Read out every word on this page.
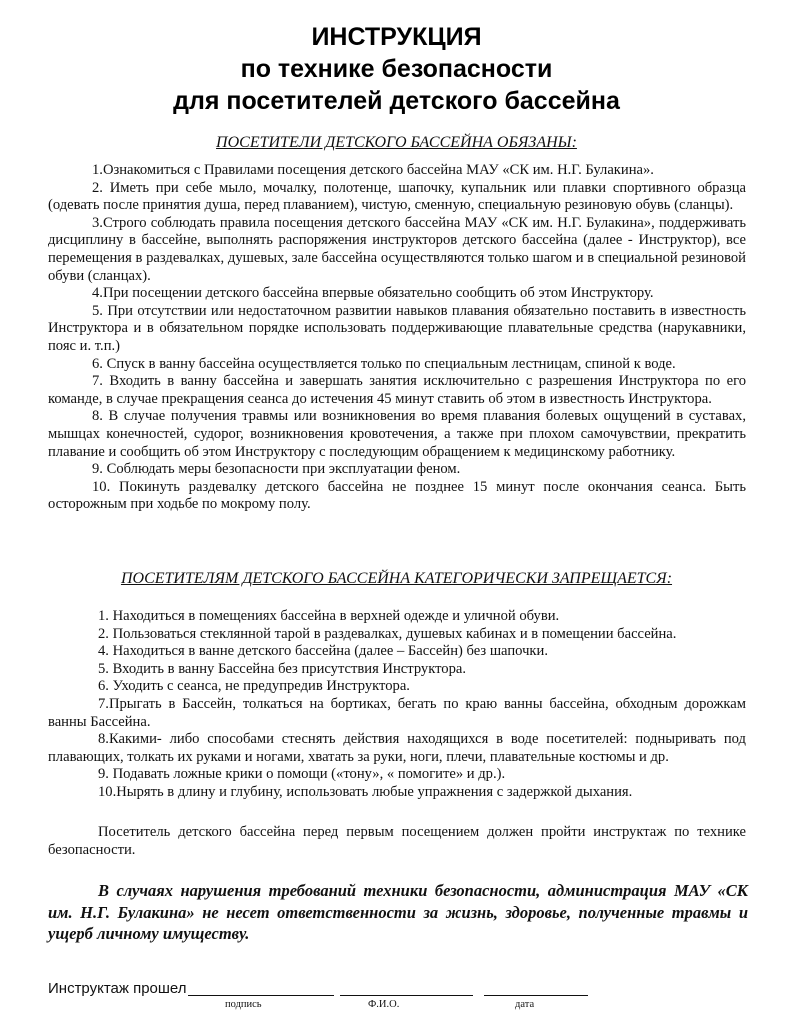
ИНСТРУКЦИЯ
по технике безопасности
для посетителей детского бассейна
ПОСЕТИТЕЛИ ДЕТСКОГО БАССЕЙНА ОБЯЗАНЫ:

1.Ознакомиться с Правилами посещения детского бассейна МАУ «СК им. Н.Г. Булакина».

2. Иметь при себе мыло, мочалку, полотенце, шапочку, купальник или плавки спортивного образца (одевать после принятия душа, перед плаванием), чистую, сменную, специальную резиновую обувь (сланцы).

3.Строго соблюдать правила посещения детского бассейна МАУ «СК им. Н.Г. Булакина», поддерживать дисциплину в бассейне, выполнять распоряжения инструкторов детского бассейна (далее - Инструктор), все перемещения в раздевалках, душевых, зале бассейна осуществляются только шагом и в специальной резиновой обуви (сланцах).

4.При посещении детского бассейна впервые обязательно сообщить об этом Инструктору.

5. При отсутствии или недостаточном развитии навыков плавания обязательно поставить в известность Инструктора и в обязательном порядке использовать поддерживающие плавательные средства (нарукавники, пояс и. т.п.)

6. Спуск в ванну бассейна осуществляется только по специальным лестницам, спиной к воде.

7. Входить в ванну бассейна и завершать занятия исключительно с разрешения Инструктора по его команде, в случае прекращения сеанса до истечения 45 минут ставить об этом в известность Инструктора.

8. В случае получения травмы или возникновения во время плавания болевых ощущений в суставах, мышцах конечностей, судорог, возникновения кровотечения, а также при плохом самочувствии, прекратить плавание и сообщить об этом Инструктору с последующим обращением к медицинскому работнику.

9. Соблюдать меры безопасности при эксплуатации феном.

10. Покинуть раздевалку детского бассейна не позднее 15 минут после окончания сеанса. Быть осторожным при ходьбе по мокрому полу.

ПОСЕТИТЕЛЯМ ДЕТСКОГО БАССЕЙНА КАТЕГОРИЧЕСКИ ЗАПРЕЩАЕТСЯ:

1. Находиться в помещениях бассейна в верхней одежде и уличной обуви.

2. Пользоваться стеклянной тарой в раздевалках, душевых кабинах и в помещении бассейна.

4. Находиться в ванне детского бассейна (далее – Бассейн) без шапочки.

5. Входить в ванну Бассейна без присутствия Инструктора.

6. Уходить с сеанса, не предупредив Инструктора.

7.Прыгать в Бассейн, толкаться на бортиках, бегать по краю ванны бассейна, обходным дорожкам ванны Бассейна.

8.Какими- либо способами стеснять действия находящихся в воде посетителей: подныривать под плавающих, толкать их руками и ногами, хватать за руки, ноги, плечи, плавательные костюмы и др.

9. Подавать ложные крики о помощи («тону», « помогите» и др.).

10.Нырять в длину и глубину, использовать любые упражнения с задержкой дыхания.

Посетитель детского бассейна перед первым посещением должен пройти инструктаж по технике безопасности.

В случаях нарушения требований техники безопасности, администрация МАУ «СК им. Н.Г. Булакина» не несет ответственности за жизнь, здоровье, полученные травмы и ущерб личному имуществу.

Инструктаж прошел
подпись	Ф.И.О.	дата
